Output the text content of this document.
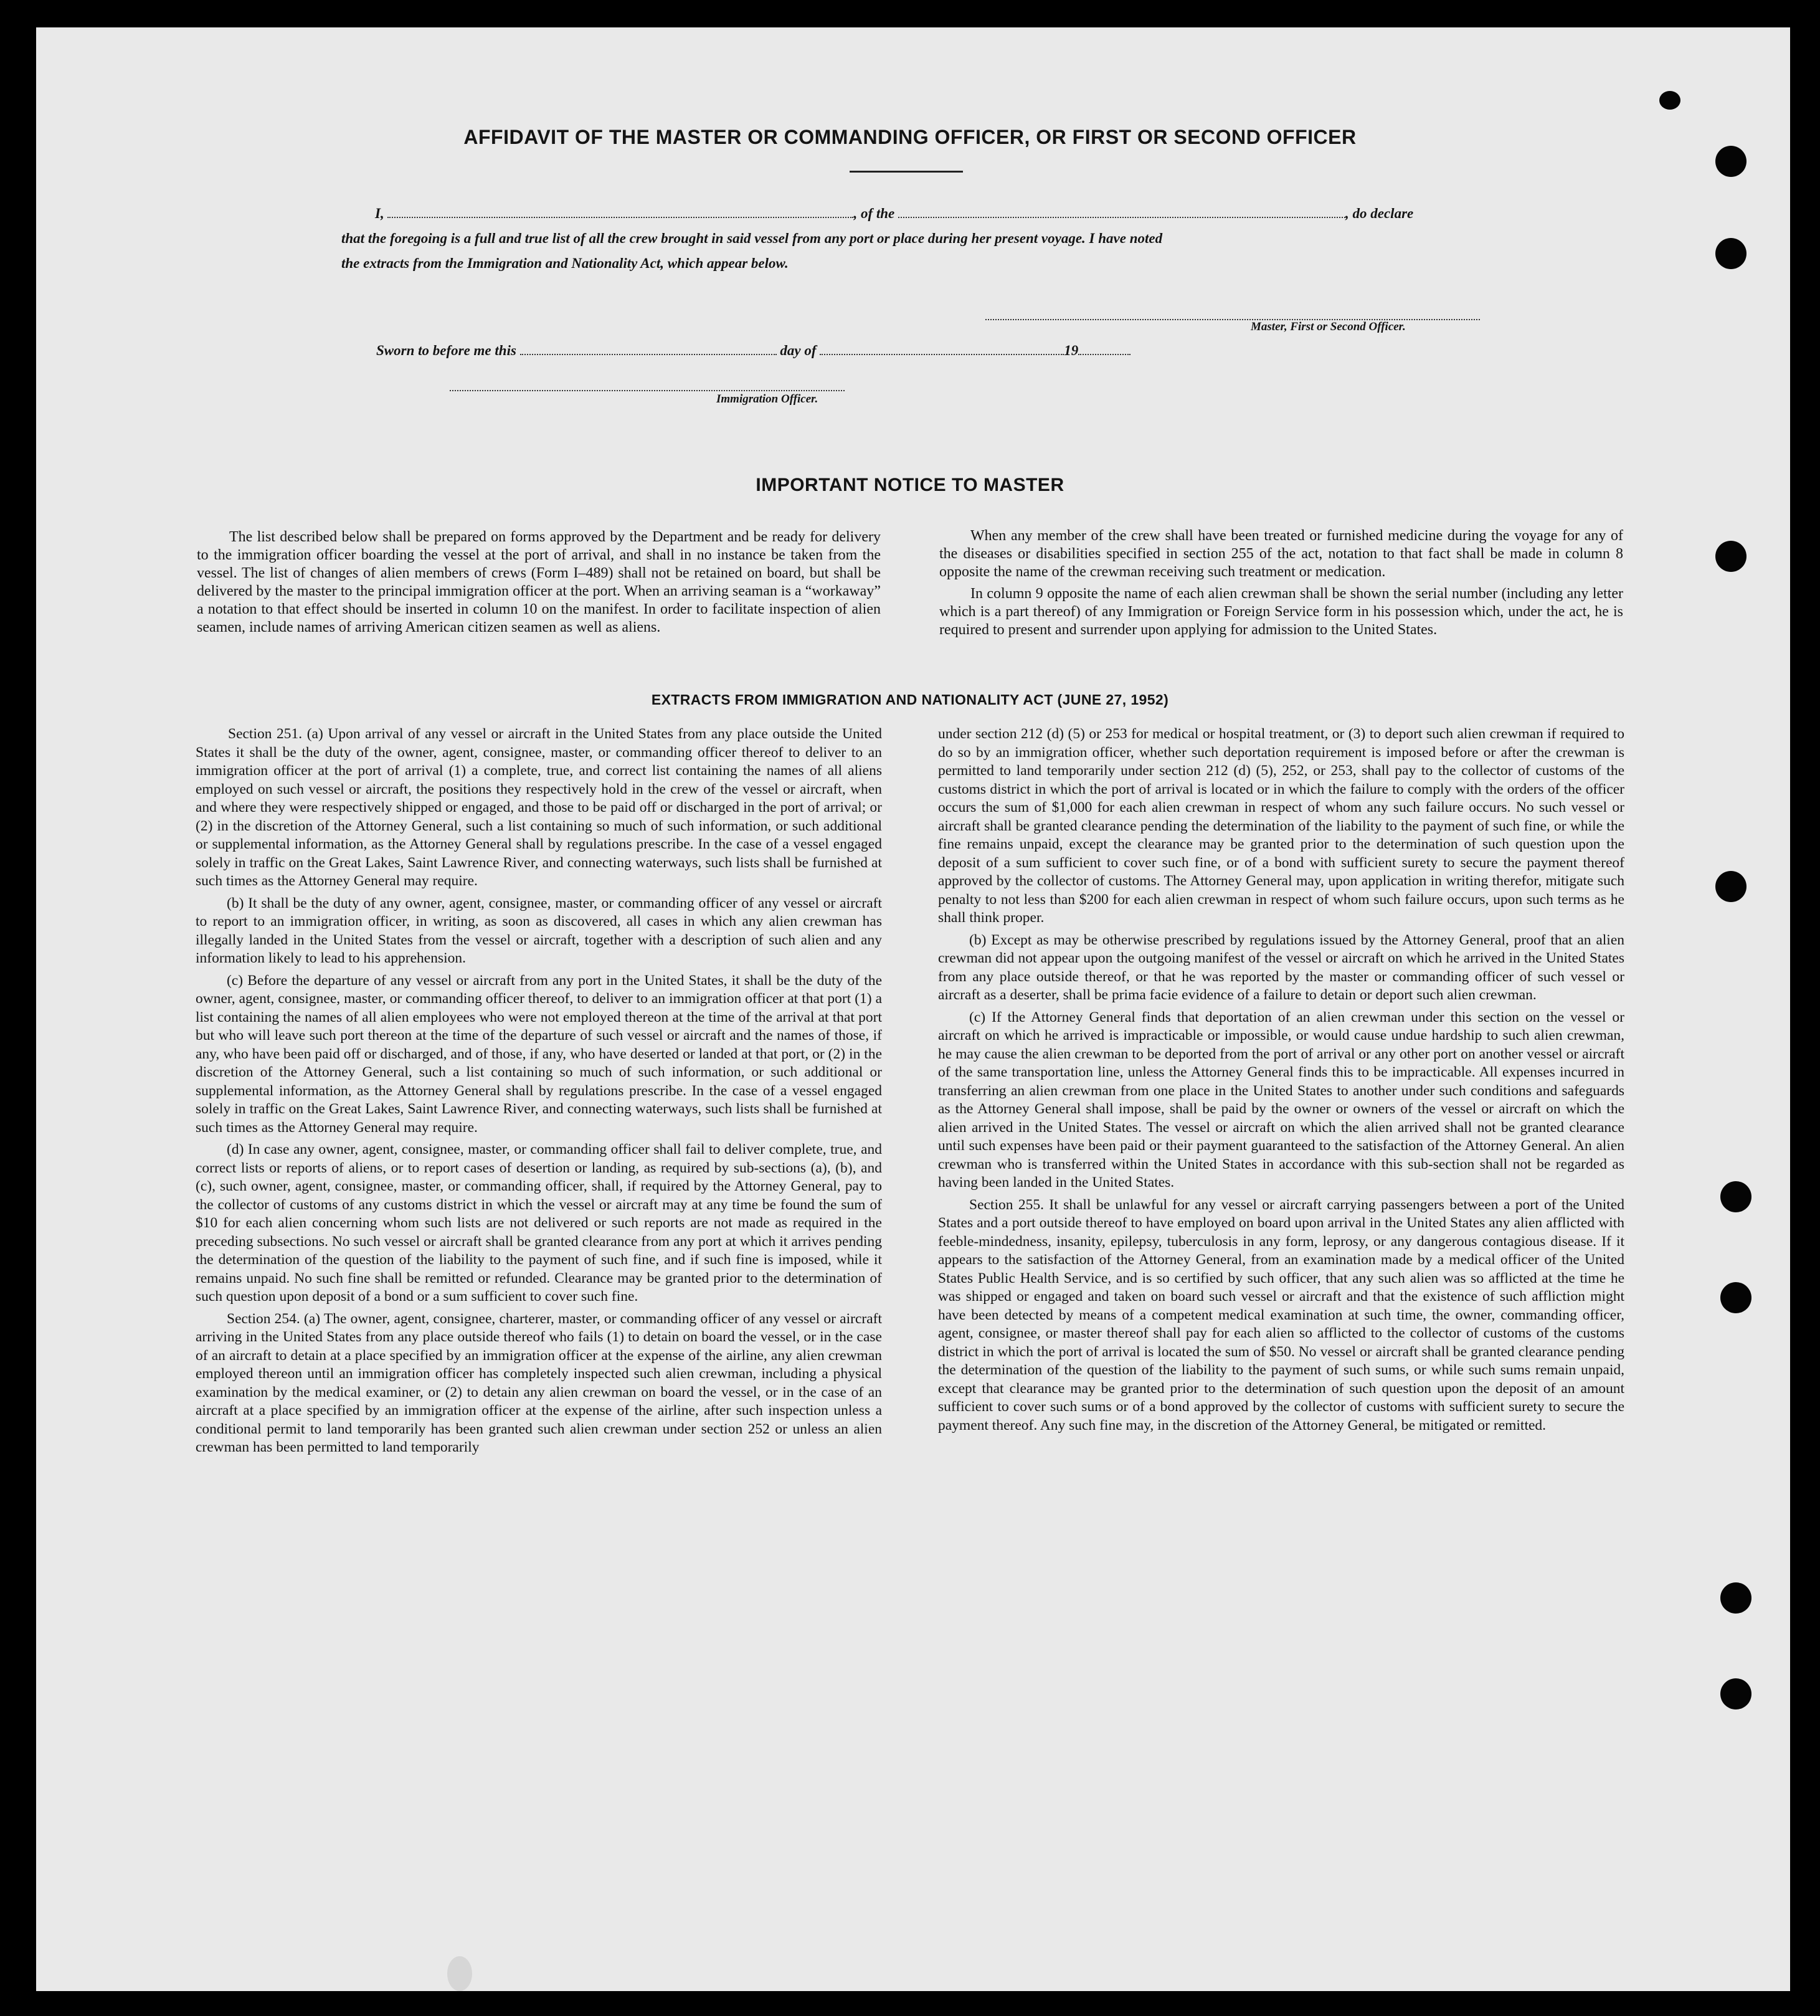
AFFIDAVIT OF THE MASTER OR COMMANDING OFFICER, OR FIRST OR SECOND OFFICER
I,	, of the	, do declare
that the foregoing is a full and true list of all the crew brought in said vessel from any port or place during her present voyage. I have noted
the extracts from the Immigration and Nationality Act, which appear below.
Master, First or Second Officer.
Sworn to before me this	day of	19
Immigration Officer.
IMPORTANT NOTICE TO MASTER

The list described below shall be prepared on forms approved by the Department and be ready for delivery to the immigration officer boarding the vessel at the port of arrival, and shall in no instance be taken from the vessel. The list of changes of alien members of crews (Form I–489) shall not be retained on board, but shall be delivered by the master to the principal immigration officer at the port. When an arriving seaman is a “workaway” a notation to that effect should be inserted in column 10 on the manifest. In order to facilitate inspection of alien seamen, include names of arriving American citizen seamen as well as aliens.

When any member of the crew shall have been treated or furnished medicine during the voyage for any of the diseases or disabilities specified in section 255 of the act, notation to that fact shall be made in column 8 opposite the name of the crewman receiving such treatment or medication.

In column 9 opposite the name of each alien crewman shall be shown the serial number (including any letter which is a part thereof) of any Immigration or Foreign Service form in his possession which, under the act, he is required to present and surrender upon applying for admission to the United States.

EXTRACTS FROM IMMIGRATION AND NATIONALITY ACT (JUNE 27, 1952)

Section 251. (a) Upon arrival of any vessel or aircraft in the United States from any place outside the United States it shall be the duty of the owner, agent, consignee, master, or commanding officer thereof to deliver to an immigration officer at the port of arrival (1) a complete, true, and correct list containing the names of all aliens employed on such vessel or aircraft, the positions they respectively hold in the crew of the vessel or aircraft, when and where they were respectively shipped or engaged, and those to be paid off or discharged in the port of arrival; or (2) in the discretion of the Attorney General, such a list containing so much of such information, or such additional or supplemental information, as the Attorney General shall by regulations prescribe. In the case of a vessel engaged solely in traffic on the Great Lakes, Saint Lawrence River, and connecting waterways, such lists shall be furnished at such times as the Attorney General may require.

(b) It shall be the duty of any owner, agent, consignee, master, or commanding officer of any vessel or aircraft to report to an immigration officer, in writing, as soon as discovered, all cases in which any alien crewman has illegally landed in the United States from the vessel or aircraft, together with a description of such alien and any information likely to lead to his apprehension.

(c) Before the departure of any vessel or aircraft from any port in the United States, it shall be the duty of the owner, agent, consignee, master, or commanding officer thereof, to deliver to an immigration officer at that port (1) a list containing the names of all alien employees who were not employed thereon at the time of the arrival at that port but who will leave such port thereon at the time of the departure of such vessel or aircraft and the names of those, if any, who have been paid off or discharged, and of those, if any, who have deserted or landed at that port, or (2) in the discretion of the Attorney General, such a list containing so much of such information, or such additional or supplemental information, as the Attorney General shall by regulations prescribe. In the case of a vessel engaged solely in traffic on the Great Lakes, Saint Lawrence River, and connecting waterways, such lists shall be furnished at such times as the Attorney General may require.

(d) In case any owner, agent, consignee, master, or commanding officer shall fail to deliver complete, true, and correct lists or reports of aliens, or to report cases of desertion or landing, as required by sub-sections (a), (b), and (c), such owner, agent, consignee, master, or commanding officer, shall, if required by the Attorney General, pay to the collector of customs of any customs district in which the vessel or aircraft may at any time be found the sum of $10 for each alien concerning whom such lists are not delivered or such reports are not made as required in the preceding subsections. No such vessel or aircraft shall be granted clearance from any port at which it arrives pending the determination of the question of the liability to the payment of such fine, and if such fine is imposed, while it remains unpaid. No such fine shall be remitted or refunded. Clearance may be granted prior to the determination of such question upon deposit of a bond or a sum sufficient to cover such fine.

Section 254. (a) The owner, agent, consignee, charterer, master, or commanding officer of any vessel or aircraft arriving in the United States from any place outside thereof who fails (1) to detain on board the vessel, or in the case of an aircraft to detain at a place specified by an immigration officer at the expense of the airline, any alien crewman employed thereon until an immigration officer has completely inspected such alien crewman, including a physical examination by the medical examiner, or (2) to detain any alien crewman on board the vessel, or in the case of an aircraft at a place specified by an immigration officer at the expense of the airline, after such inspection unless a conditional permit to land temporarily has been granted such alien crewman under section 252 or unless an alien crewman has been permitted to land temporarily

under section 212 (d) (5) or 253 for medical or hospital treatment, or (3) to deport such alien crewman if required to do so by an immigration officer, whether such deportation requirement is imposed before or after the crewman is permitted to land temporarily under section 212 (d) (5), 252, or 253, shall pay to the collector of customs of the customs district in which the port of arrival is located or in which the failure to comply with the orders of the officer occurs the sum of $1,000 for each alien crewman in respect of whom any such failure occurs. No such vessel or aircraft shall be granted clearance pending the determination of the liability to the payment of such fine, or while the fine remains unpaid, except the clearance may be granted prior to the determination of such question upon the deposit of a sum sufficient to cover such fine, or of a bond with sufficient surety to secure the payment thereof approved by the collector of customs. The Attorney General may, upon application in writing therefor, mitigate such penalty to not less than $200 for each alien crewman in respect of whom such failure occurs, upon such terms as he shall think proper.

(b) Except as may be otherwise prescribed by regulations issued by the Attorney General, proof that an alien crewman did not appear upon the outgoing manifest of the vessel or aircraft on which he arrived in the United States from any place outside thereof, or that he was reported by the master or commanding officer of such vessel or aircraft as a deserter, shall be prima facie evidence of a failure to detain or deport such alien crewman.

(c) If the Attorney General finds that deportation of an alien crewman under this section on the vessel or aircraft on which he arrived is impracticable or impossible, or would cause undue hardship to such alien crewman, he may cause the alien crewman to be deported from the port of arrival or any other port on another vessel or aircraft of the same transportation line, unless the Attorney General finds this to be impracticable. All expenses incurred in transferring an alien crewman from one place in the United States to another under such conditions and safeguards as the Attorney General shall impose, shall be paid by the owner or owners of the vessel or aircraft on which the alien arrived in the United States. The vessel or aircraft on which the alien arrived shall not be granted clearance until such expenses have been paid or their payment guaranteed to the satisfaction of the Attorney General. An alien crewman who is transferred within the United States in accordance with this sub-section shall not be regarded as having been landed in the United States.

Section 255. It shall be unlawful for any vessel or aircraft carrying passengers between a port of the United States and a port outside thereof to have employed on board upon arrival in the United States any alien afflicted with feeble-mindedness, insanity, epilepsy, tuberculosis in any form, leprosy, or any dangerous contagious disease. If it appears to the satisfaction of the Attorney General, from an examination made by a medical officer of the United States Public Health Service, and is so certified by such officer, that any such alien was so afflicted at the time he was shipped or engaged and taken on board such vessel or aircraft and that the existence of such affliction might have been detected by means of a competent medical examination at such time, the owner, commanding officer, agent, consignee, or master thereof shall pay for each alien so afflicted to the collector of customs of the customs district in which the port of arrival is located the sum of $50. No vessel or aircraft shall be granted clearance pending the determination of the question of the liability to the payment of such sums, or while such sums remain unpaid, except that clearance may be granted prior to the determination of such question upon the deposit of an amount sufficient to cover such sums or of a bond approved by the collector of customs with sufficient surety to secure the payment thereof. Any such fine may, in the discretion of the Attorney General, be mitigated or remitted.
